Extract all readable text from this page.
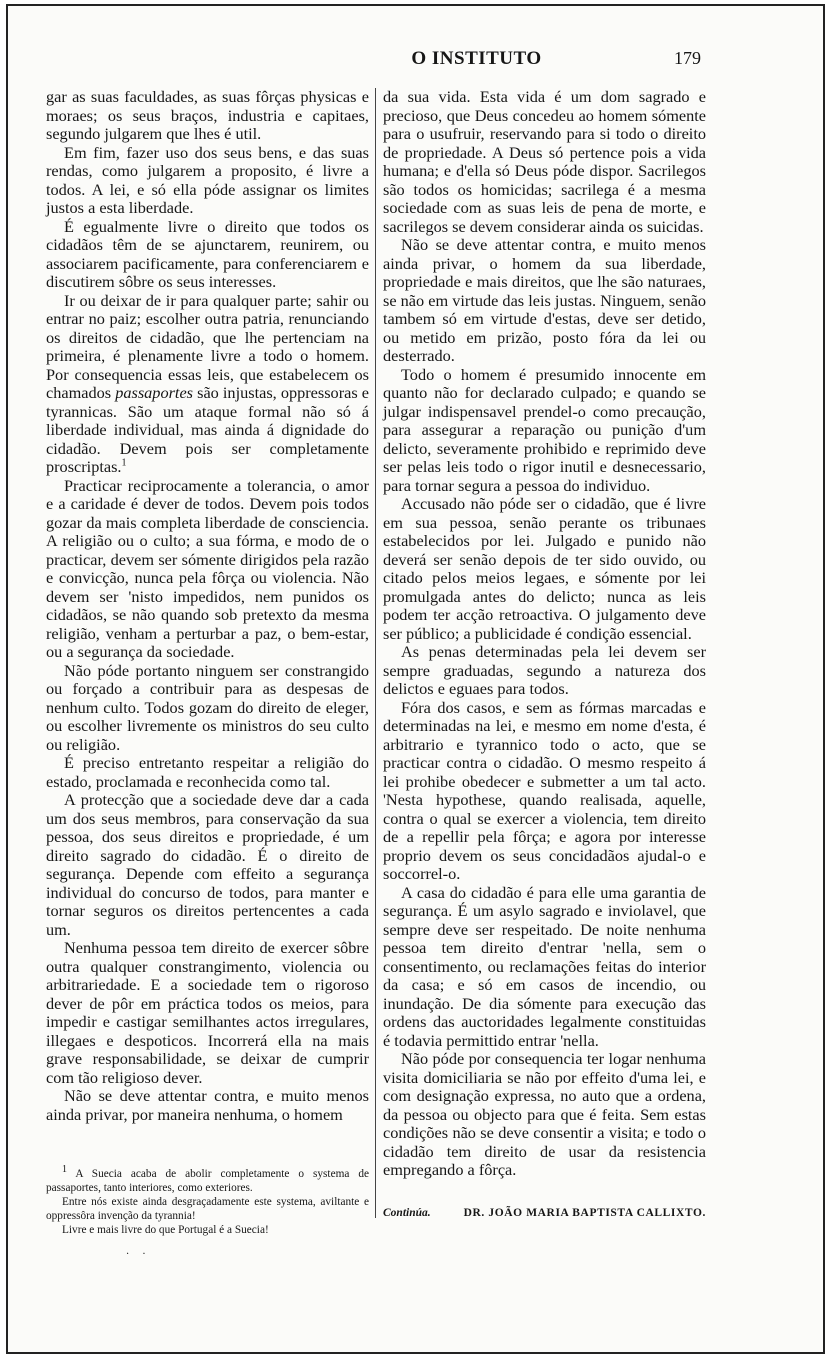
O INSTITUTO	179

gar as suas faculdades, as suas fôrças physicas e moraes; os seus braços, industria e capitaes, segundo julgarem que lhes é util.

Em fim, fazer uso dos seus bens, e das suas rendas, como julgarem a proposito, é livre a todos. A lei, e só ella póde assignar os limites justos a esta liberdade.

É egualmente livre o direito que todos os cidadãos têm de se ajunctarem, reunirem, ou associarem pacificamente, para conferenciarem e discutirem sôbre os seus interesses.

Ir ou deixar de ir para qualquer parte; sahir ou entrar no paiz; escolher outra patria, renunciando os direitos de cidadão, que lhe pertenciam na primeira, é plenamente livre a todo o homem. Por consequencia essas leis, que estabelecem os chamados passaportes são injustas, oppressoras e tyrannicas. São um ataque formal não só á liberdade individual, mas ainda á dignidade do cidadão. Devem pois ser completamente proscriptas.$^1$

Practicar reciprocamente a tolerancia, o amor e a caridade é dever de todos. Devem pois todos gozar da mais completa liberdade de consciencia. A religião ou o culto; a sua fórma, e modo de o practicar, devem ser sómente dirigidos pela razão e convicção, nunca pela fôrça ou violencia. Não devem ser 'nisto impedidos, nem punidos os cidadãos, se não quando sob pretexto da mesma religião, venham a perturbar a paz, o bem-estar, ou a segurança da sociedade.

Não póde portanto ninguem ser constrangido ou forçado a contribuir para as despesas de nenhum culto. Todos gozam do direito de eleger, ou escolher livremente os ministros do seu culto ou religião.

É preciso entretanto respeitar a religião do estado, proclamada e reconhecida como tal.

A protecção que a sociedade deve dar a cada um dos seus membros, para conservação da sua pessoa, dos seus direitos e propriedade, é um direito sagrado do cidadão. É o direito de segurança. Depende com effeito a segurança individual do concurso de todos, para manter e tornar seguros os direitos pertencentes a cada um.

Nenhuma pessoa tem direito de exercer sôbre outra qualquer constrangimento, violencia ou arbitrariedade. E a sociedade tem o rigoroso dever de pôr em práctica todos os meios, para impedir e castigar semilhantes actos irregulares, illegaes e despoticos. Incorrerá ella na mais grave responsabilidade, se deixar de cumprir com tão religioso dever.

Não se deve attentar contra, e muito menos ainda privar, por maneira nenhuma, o homem

da sua vida. Esta vida é um dom sagrado e precioso, que Deus concedeu ao homem sómente para o usufruir, reservando para si todo o direito de propriedade. A Deus só pertence pois a vida humana; e d'ella só Deus póde dispor. Sacrilegos são todos os homicidas; sacrilega é a mesma sociedade com as suas leis de pena de morte, e sacrilegos se devem considerar ainda os suicidas.

Não se deve attentar contra, e muito menos ainda privar, o homem da sua liberdade, propriedade e mais direitos, que lhe são naturaes, se não em virtude das leis justas. Ninguem, senão tambem só em virtude d'estas, deve ser detido, ou metido em prizão, posto fóra da lei ou desterrado.

Todo o homem é presumido innocente em quanto não for declarado culpado; e quando se julgar indispensavel prendel-o como precaução, para assegurar a reparação ou punição d'um delicto, severamente prohibido e reprimido deve ser pelas leis todo o rigor inutil e desnecessario, para tornar segura a pessoa do individuo.

Accusado não póde ser o cidadão, que é livre em sua pessoa, senão perante os tribunaes estabelecidos por lei. Julgado e punido não deverá ser senão depois de ter sido ouvido, ou citado pelos meios legaes, e sómente por lei promulgada antes do delicto; nunca as leis podem ter acção retroactiva. O julgamento deve ser público; a publicidade é condição essencial.

As penas determinadas pela lei devem ser sempre graduadas, segundo a natureza dos delictos e eguaes para todos.

Fóra dos casos, e sem as fórmas marcadas e determinadas na lei, e mesmo em nome d'esta, é arbitrario e tyrannico todo o acto, que se practicar contra o cidadão. O mesmo respeito á lei prohibe obedecer e submetter a um tal acto. 'Nesta hypothese, quando realisada, aquelle, contra o qual se exercer a violencia, tem direito de a repellir pela fôrça; e agora por interesse proprio devem os seus concidadãos ajudal-o e soccorrel-o.

A casa do cidadão é para elle uma garantia de segurança. É um asylo sagrado e inviolavel, que sempre deve ser respeitado. De noite nenhuma pessoa tem direito d'entrar 'nella, sem o consentimento, ou reclamações feitas do interior da casa; e só em casos de incendio, ou inundação. De dia sómente para execução das ordens das auctoridades legalmente constituidas é todavia permittido entrar 'nella.

Não póde por consequencia ter logar nenhuma visita domiciliaria se não por effeito d'uma lei, e com designação expressa, no auto que a ordena, da pessoa ou objecto para que é feita. Sem estas condições não se deve consentir a visita; e todo o cidadão tem direito de usar da resistencia empregando a fôrça.

$^1$ A Suecia acaba de abolir completamente o systema de passaportes, tanto interiores, como exteriores.

Entre nós existe ainda desgraçadamente este systema, aviltante e oppressôra invenção da tyrannia!

Livre e mais livre do que Portugal é a Suecia!

. .
Continúa.	DR. JOÃO MARIA BAPTISTA CALLIXTO.
